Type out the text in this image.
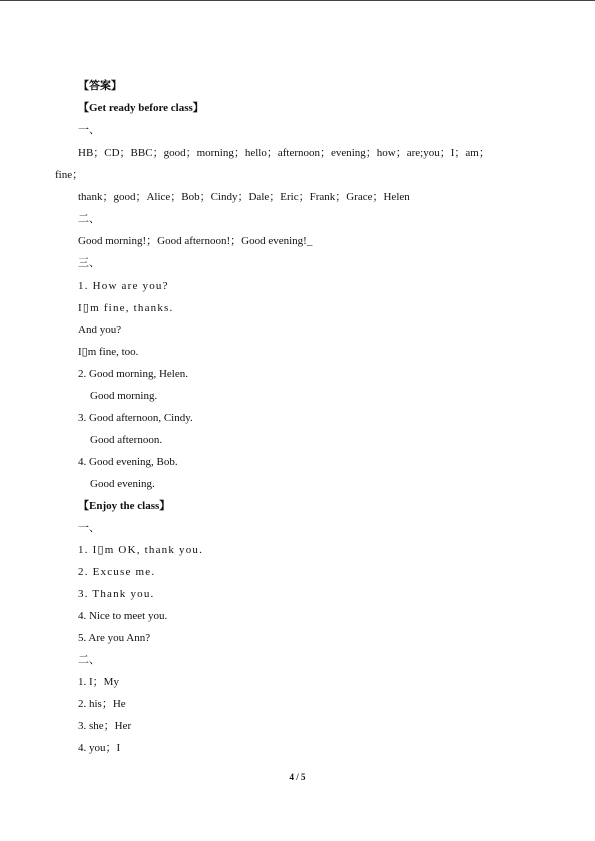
【答案】
【Get ready before class】
一、
HB；CD；BBC；good；morning；hello；afternoon；evening；how；are;you；I；am；
fine；
thank；good；Alice；Bob；Cindy；Dale；Eric；Frank；Grace；Helen
二、
Good morning!；Good afternoon!；Good evening!_
三、
1. How are you?
I▯m fine, thanks.
And you?
I▯m fine, too.
2. Good morning, Helen.
Good morning.
3. Good afternoon, Cindy.
Good afternoon.
4. Good evening, Bob.
Good evening.
【Enjoy the class】
一、
1. I▯m OK, thank you.
2. Excuse me.
3. Thank you.
4. Nice to meet you.
5. Are you Ann?
二、
1. I；My
2. his；He
3. she；Her
4. you；I
4 / 5
